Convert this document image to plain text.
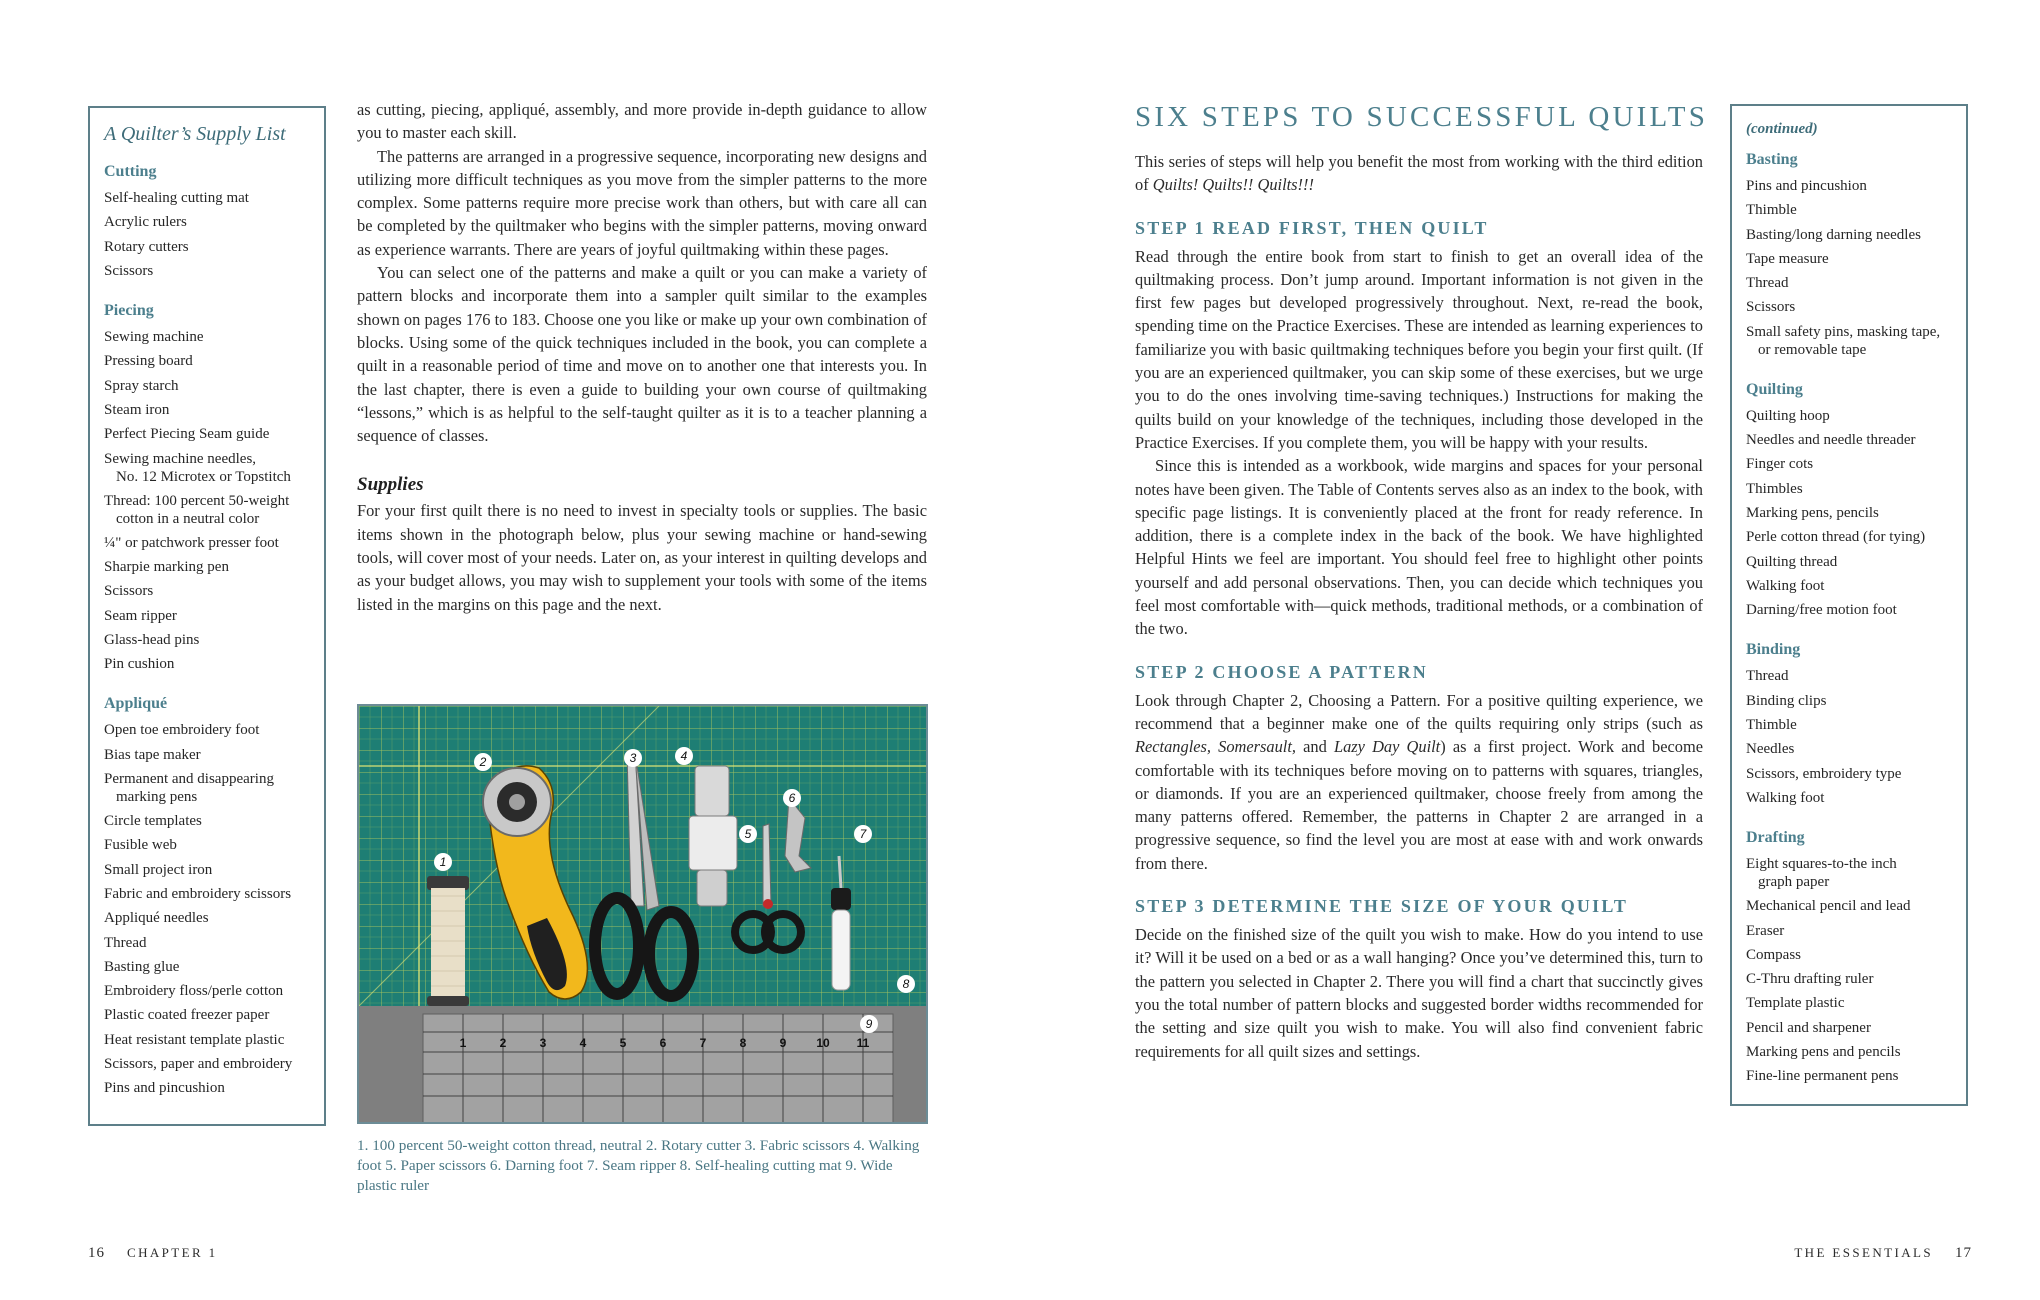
A Quilter’s Supply List
Cutting
Self-healing cutting mat
Acrylic rulers
Rotary cutters
Scissors
Piecing
Sewing machine
Pressing board
Spray starch
Steam iron
Perfect Piecing Seam guide
Sewing machine needles,
No. 12 Microtex or Topstitch
Thread: 100 percent 50-weight
cotton in a neutral color
¼" or patchwork presser foot
Sharpie marking pen
Scissors
Seam ripper
Glass-head pins
Pin cushion
Appliqué
Open toe embroidery foot
Bias tape maker
Permanent and disappearing
marking pens
Circle templates
Fusible web
Small project iron
Fabric and embroidery scissors
Appliqué needles
Thread
Basting glue
Embroidery floss/perle cotton
Plastic coated freezer paper
Heat resistant template plastic
Scissors, paper and embroidery
Pins and pincushion

as cutting, piecing, appliqué, assembly, and more provide in-depth guidance to allow you to master each skill.

The patterns are arranged in a progressive sequence, incorporating new designs and utilizing more difficult techniques as you move from the simpler patterns to the more complex. Some patterns require more precise work than others, but with care all can be completed by the quiltmaker who begins with the simpler patterns, moving onward as experience warrants. There are years of joyful quiltmaking within these pages.

You can select one of the patterns and make a quilt or you can make a variety of pattern blocks and incorporate them into a sampler quilt similar to the examples shown on pages 176 to 183. Choose one you like or make up your own combination of blocks. Using some of the quick techniques included in the book, you can complete a quilt in a reasonable period of time and move on to another one that interests you. In the last chapter, there is even a guide to building your own course of quiltmaking “lessons,” which is as helpful to the self-taught quilter as it is to a teacher planning a sequence of classes.

Supplies

For your first quilt there is no need to invest in specialty tools or supplies. The basic items shown in the photograph below, plus your sewing machine or hand-sewing tools, will cover most of your needs. Later on, as your interest in quilting develops and as your budget allows, you may wish to supplement your tools with some of the items listed in the margins on this page and the next.

1	2	3	4	5	6	7	8	9 10 11
1
2	3	4
5
6
7
8
9
1. 100 percent 50-weight cotton thread, neutral 2. Rotary cutter 3. Fabric scissors 4. Walking foot 5. Paper scissors 6. Darning foot 7. Seam ripper 8. Self-healing cutting mat 9. Wide plastic ruler
SIX STEPS TO SUCCESSFUL QUILTS

This series of steps will help you benefit the most from working with the third edition of Quilts! Quilts!! Quilts!!!

STEP 1 READ FIRST, THEN QUILT

Read through the entire book from start to finish to get an overall idea of the quiltmaking process. Don’t jump around. Important information is not given in the first few pages but developed progressively throughout. Next, re-read the book, spending time on the Practice Exercises. These are intended as learning experiences to familiarize you with basic quiltmaking techniques before you begin your first quilt. (If you are an experienced quiltmaker, you can skip some of these exercises, but we urge you to do the ones involving time-saving techniques.) Instructions for making the quilts build on your knowledge of the techniques, including those developed in the Practice Exercises. If you complete them, you will be happy with your results.

Since this is intended as a workbook, wide margins and spaces for your personal notes have been given. The Table of Contents serves also as an index to the book, with specific page listings. It is conveniently placed at the front for ready reference. In addition, there is a complete index in the back of the book. We have highlighted Helpful Hints we feel are important. You should feel free to highlight other points yourself and add personal observations. Then, you can decide which techniques you feel most comfortable with—quick methods, traditional methods, or a combination of the two.

STEP 2 CHOOSE A PATTERN

Look through Chapter 2, Choosing a Pattern. For a positive quilting experience, we recommend that a beginner make one of the quilts requiring only strips (such as Rectangles, Somersault, and Lazy Day Quilt) as a first project. Work and become comfortable with its techniques before moving on to patterns with squares, triangles, or diamonds. If you are an experienced quiltmaker, choose freely from among the many patterns offered. Remember, the patterns in Chapter 2 are arranged in a progressive sequence, so find the level you are most at ease with and work onwards from there.

STEP 3 DETERMINE THE SIZE OF YOUR QUILT

Decide on the finished size of the quilt you wish to make. How do you intend to use it? Will it be used on a bed or as a wall hanging? Once you’ve determined this, turn to the pattern you selected in Chapter 2. There you will find a chart that succinctly gives you the total number of pattern blocks and suggested border widths recommended for the setting and size quilt you wish to make. You will also find convenient fabric requirements for all quilt sizes and settings.

(continued)
Basting
Pins and pincushion
Thimble
Basting/long darning needles
Tape measure
Thread
Scissors
Small safety pins, masking tape,
or removable tape
Quilting
Quilting hoop
Needles and needle threader
Finger cots
Thimbles
Marking pens, pencils
Perle cotton thread (for tying)
Quilting thread
Walking foot
Darning/free motion foot
Binding
Thread
Binding clips
Thimble
Needles
Scissors, embroidery type
Walking foot
Drafting
Eight squares-to-the inch
graph paper
Mechanical pencil and lead
Eraser
Compass
C-Thru drafting ruler
Template plastic
Pencil and sharpener
Marking pens and pencils
Fine-line permanent pens
16 CHAPTER 1	THE ESSENTIALS 17
